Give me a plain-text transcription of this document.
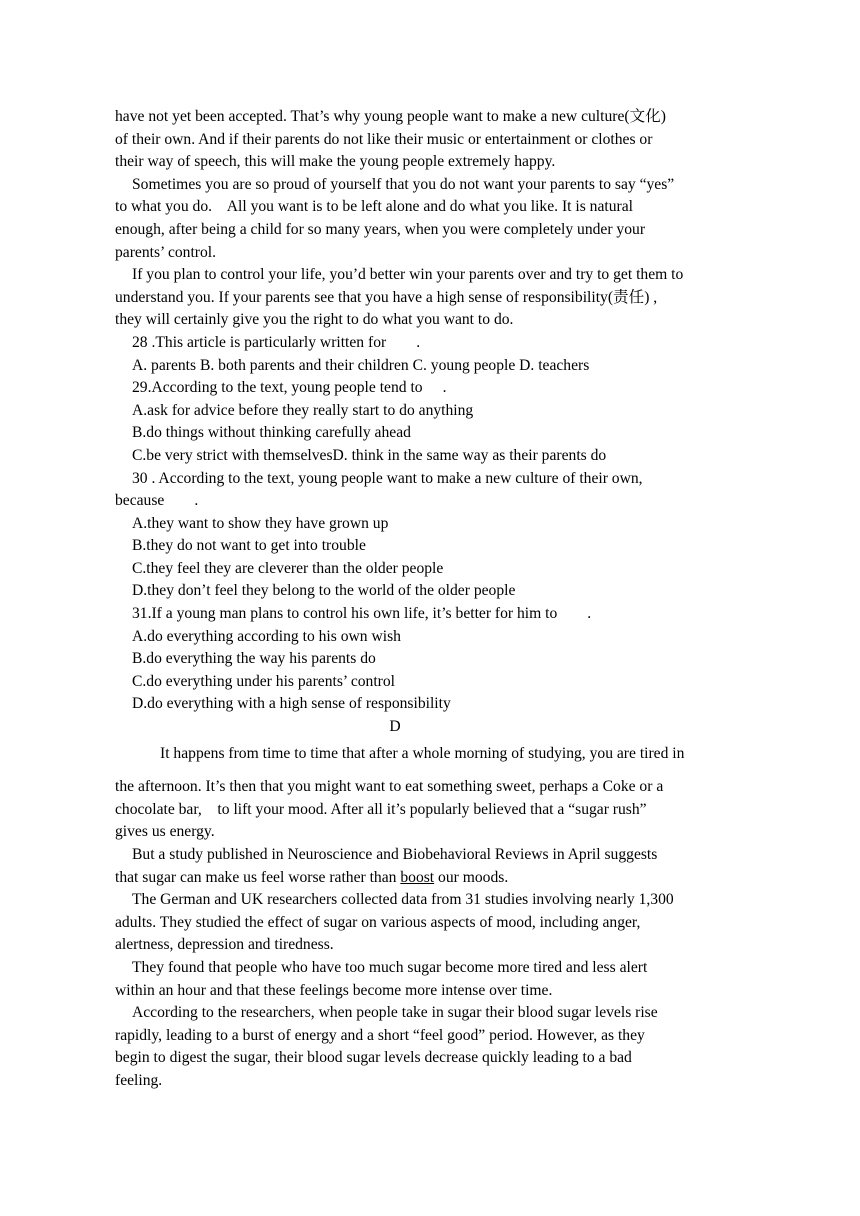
have not yet been accepted. That’s why young people want to make a new culture(文化)
of their own. And if their parents do not like their music or entertainment or clothes or
their way of speech, this will make the young people extremely happy.
Sometimes you are so proud of yourself that you do not want your parents to say “yes”
to what you do.    All you want is to be left alone and do what you like. It is natural
enough, after being a child for so many years, when you were completely under your
parents’ control.
If you plan to control your life, you’d better win your parents over and try to get them to
understand you. If your parents see that you have a high sense of responsibility(责任) ,
they will certainly give you the right to do what you want to do.
28 .This article is particularly written for .
A. parents B. both parents and their children C. young people D. teachers
29.According to the text, young people tend to .
A.ask for advice before they really start to do anything
B.do things without thinking carefully ahead
C.be very strict with themselvesD. think in the same way as their parents do
30 . According to the text, young people want to make a new culture of their own,
because .
A.they want to show they have grown up
B.they do not want to get into trouble
C.they feel they are cleverer than the older people
D.they don’t feel they belong to the world of the older people
31.If a young man plans to control his own life, it’s better for him to .
A.do everything according to his own wish
B.do everything the way his parents do
C.do everything under his parents’ control
D.do everything with a high sense of responsibility
D
It happens from time to time that after a whole morning of studying, you are tired in
the afternoon. It’s then that you might want to eat something sweet, perhaps a Coke or a
chocolate bar,    to lift your mood. After all it’s popularly believed that a “sugar rush”
gives us energy.
But a study published in Neuroscience and Biobehavioral Reviews in April suggests
that sugar can make us feel worse rather than boost our moods.
The German and UK researchers collected data from 31 studies involving nearly 1,300
adults. They studied the effect of sugar on various aspects of mood, including anger,
alertness, depression and tiredness.
They found that people who have too much sugar become more tired and less alert
within an hour and that these feelings become more intense over time.
According to the researchers, when people take in sugar their blood sugar levels rise
rapidly, leading to a burst of energy and a short “feel good” period. However, as they
begin to digest the sugar, their blood sugar levels decrease quickly leading to a bad
feeling.
